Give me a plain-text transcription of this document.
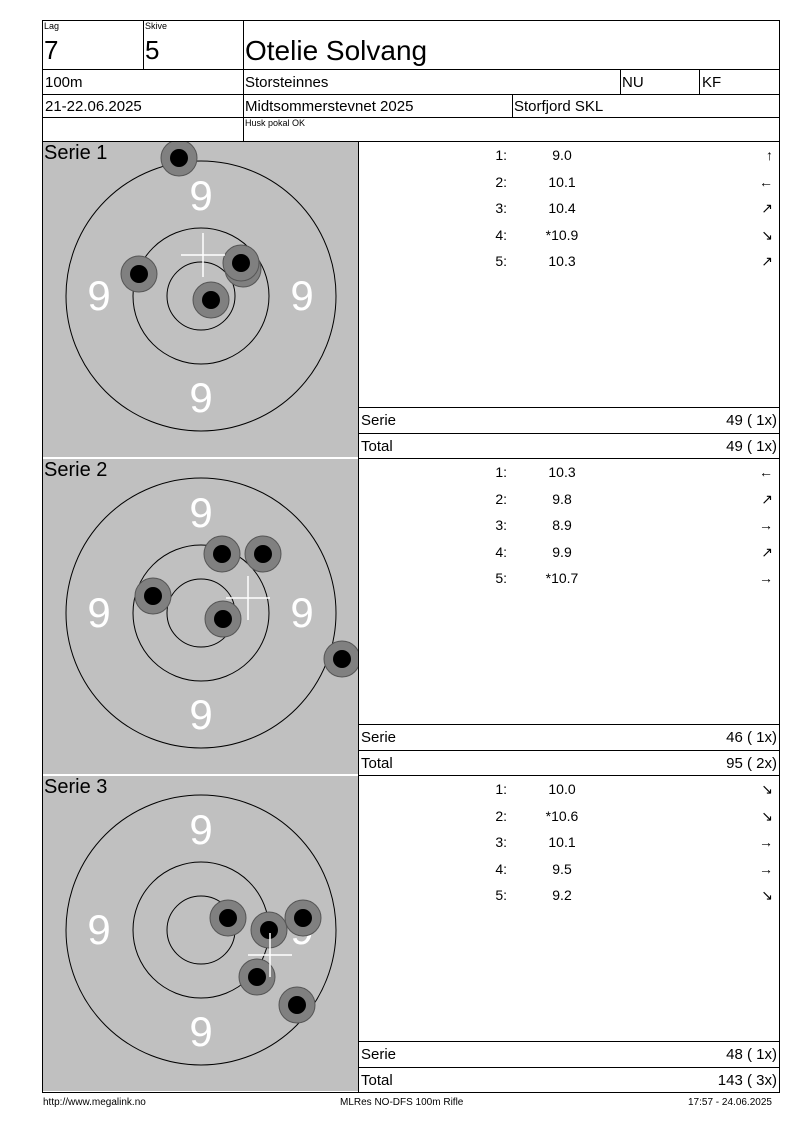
Lag
7
Skive
5	Otelie Solvang
100m	Storsteinnes	NU	KF
21-22.06.2025	Midtsommerstevnet 2025	Storfjord SKL
Husk pokal OK
9
9
9	9
Serie 1	1:	9.0	↑
2:	10.1	←
3:	10.4	↗
4:	*10.9	↘
5:	10.3	↗
Serie	49 ( 1x)
Total	49 ( 1x)
9
9
9	9
Serie 2	1:	10.3	←
2:	9.8	↗
3:	8.9	→
4:	9.9	↗
5:	*10.7	→
Serie	46 ( 1x)
Total	95 ( 2x)
9
9
9
Serie 3	1:	10.0	↘
2:	*10.6	↘
3:	10.1	→
4:	9.5	→
5:	9.2	↘
Serie	48 ( 1x)
Total	143 ( 3x)
http://www.megalink.no	MLRes NO-DFS 100m Rifle	17:57 - 24.06.2025
